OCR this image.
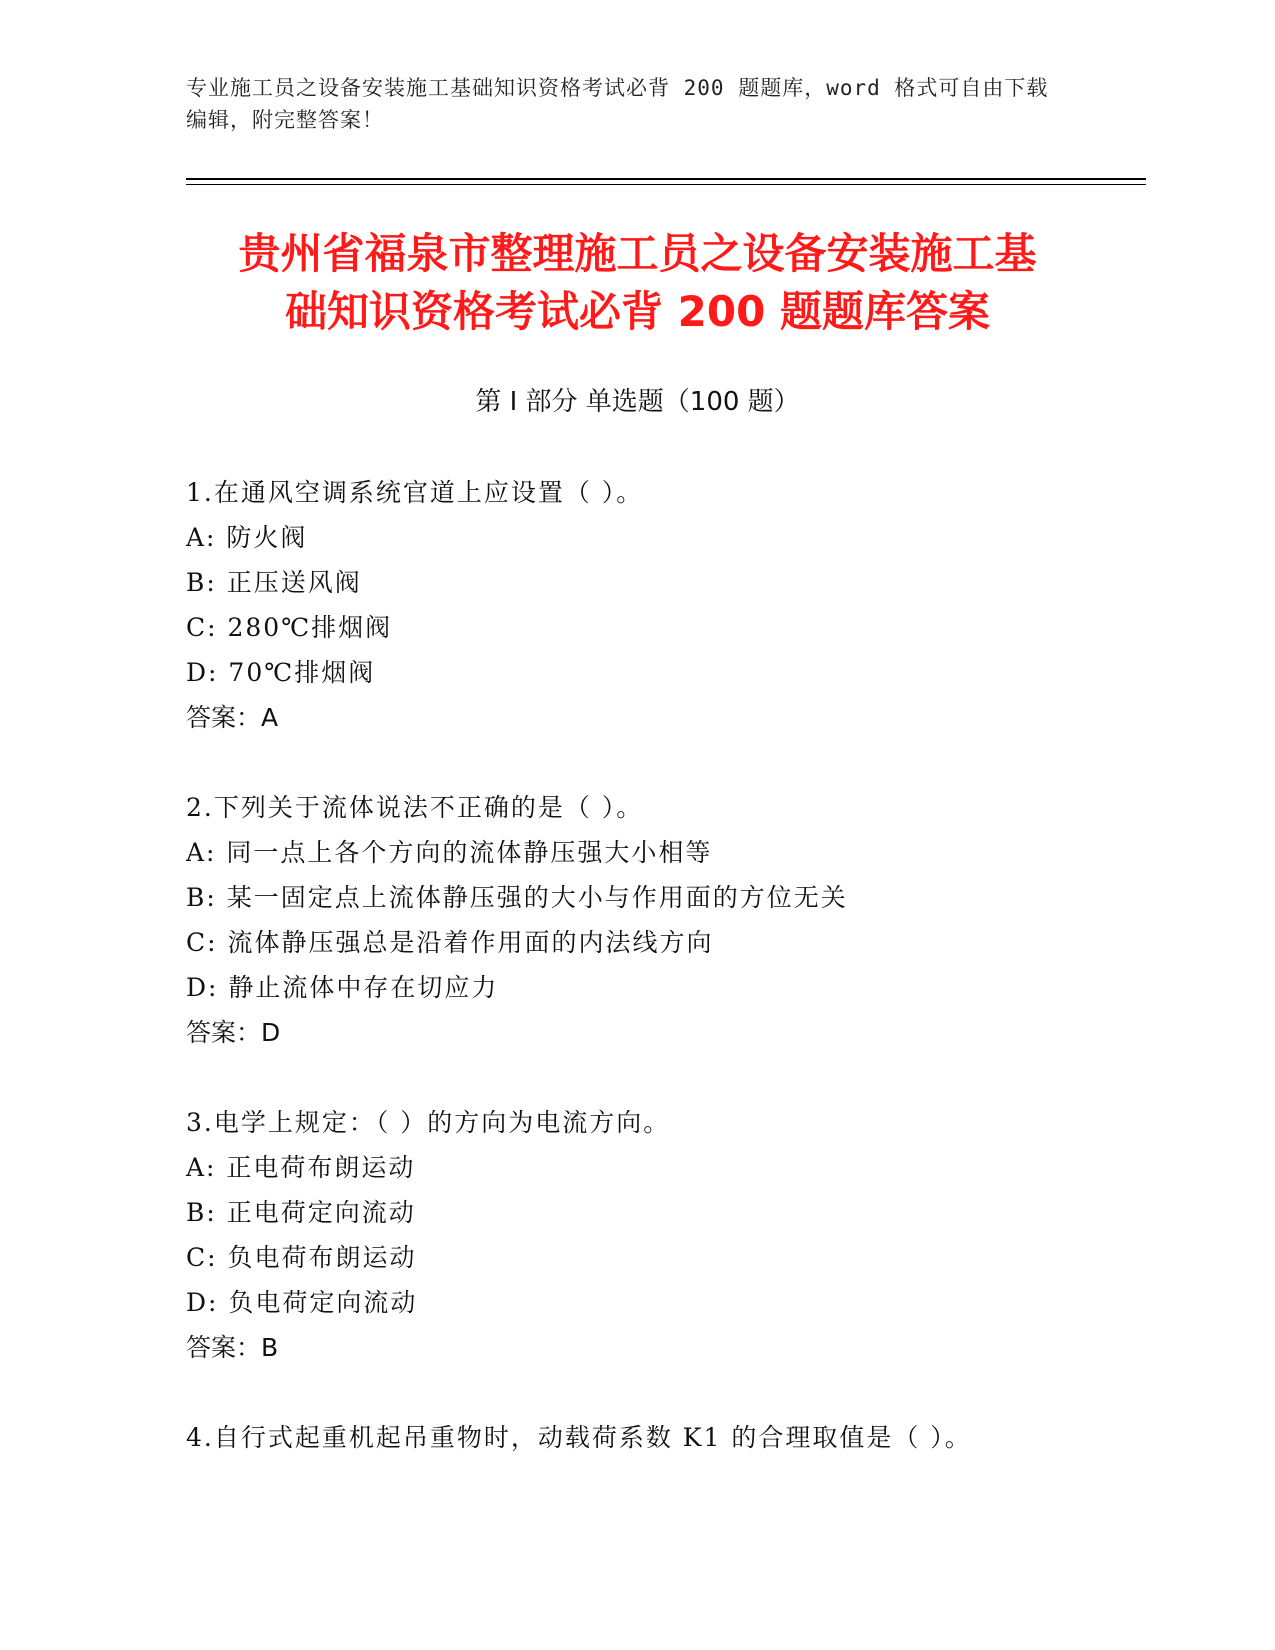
专业施工员之设备安装施工基础知识资格考试必背 200 题题库，word 格式可自由下载编辑，附完整答案！
贵州省福泉市整理施工员之设备安装施工基
础知识资格考试必背 200 题题库答案
第 I 部分 单选题（100 题）
1.在通风空调系统官道上应设置（ ）。
A: 防火阀
B: 正压送风阀
C: 280℃排烟阀
D: 70℃排烟阀
答案：A
2.下列关于流体说法不正确的是（ ）。
A: 同一点上各个方向的流体静压强大小相等
B: 某一固定点上流体静压强的大小与作用面的方位无关
C: 流体静压强总是沿着作用面的内法线方向
D: 静止流体中存在切应力
答案：D
3.电学上规定：（ ）的方向为电流方向。
A: 正电荷布朗运动
B: 正电荷定向流动
C: 负电荷布朗运动
D: 负电荷定向流动
答案：B
4.自行式起重机起吊重物时，动载荷系数 K1 的合理取值是（ ）。
